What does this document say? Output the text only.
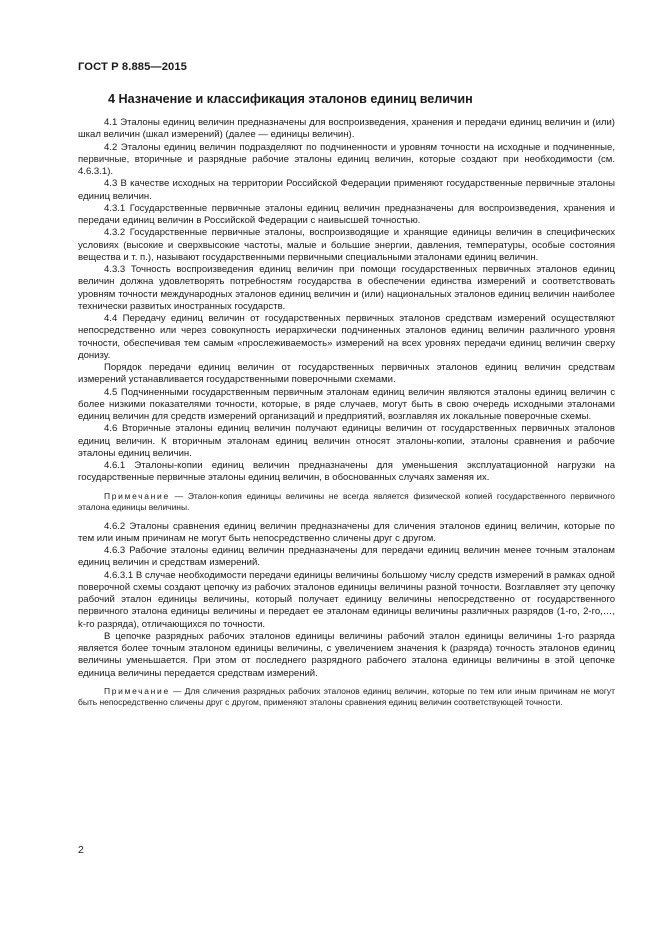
ГОСТ Р 8.885—2015
4 Назначение и классификация эталонов единиц величин

4.1 Эталоны единиц величин предназначены для воспроизведения, хранения и передачи единиц величин и (или) шкал величин (шкал измерений) (далее — единицы величин).

4.2 Эталоны единиц величин подразделяют по подчиненности и уровням точности на исходные и подчиненные, первичные, вторичные и разрядные рабочие эталоны единиц величин, которые создают при необходимости (см. 4.6.3.1).

4.3 В качестве исходных на территории Российской Федерации применяют государственные первичные эталоны единиц величин.

4.3.1 Государственные первичные эталоны единиц величин предназначены для воспроизведения, хранения и передачи единиц величин в Российской Федерации с наивысшей точностью.

4.3.2 Государственные первичные эталоны, воспроизводящие и хранящие единицы величин в специфических условиях (высокие и сверхвысокие частоты, малые и большие энергии, давления, температуры, особые состояния вещества и т. п.), называют государственными первичными специальными эталонами единиц величин.

4.3.3 Точность воспроизведения единиц величин при помощи государственных первичных эталонов единиц величин должна удовлетворять потребностям государства в обеспечении единства измерений и соответствовать уровням точности международных эталонов единиц величин и (или) национальных эталонов единиц величин наиболее технически развитых иностранных государств.

4.4 Передачу единиц величин от государственных первичных эталонов средствам измерений осуществляют непосредственно или через совокупность иерархически подчиненных эталонов единиц величин различного уровня точности, обеспечивая тем самым «прослеживаемость» измерений на всех уровнях передачи единиц величин сверху донизу.

Порядок передачи единиц величин от государственных первичных эталонов единиц величин средствам измерений устанавливается государственными поверочными схемами.

4.5 Подчиненными государственным первичным эталонам единиц величин являются эталоны единиц величин с более низкими показателями точности, которые, в ряде случаев, могут быть в свою очередь исходными эталонами единиц величин для средств измерений организаций и предприятий, возглавляя их локальные поверочные схемы.

4.6 Вторичные эталоны единиц величин получают единицы величин от государственных первичных эталонов единиц величин. К вторичным эталонам единиц величин относят эталоны-копии, эталоны сравнения и рабочие эталоны единиц величин.

4.6.1 Эталоны-копии единиц величин предназначены для уменьшения эксплуатационной нагрузки на государственные первичные эталоны единиц величин, в обоснованных случаях заменяя их.

Примечание — Эталон-копия единицы величины не всегда является физической копией государственного первичного эталона единицы величины.

4.6.2 Эталоны сравнения единиц величин предназначены для сличения эталонов единиц величин, которые по тем или иным причинам не могут быть непосредственно сличены друг с другом.

4.6.3 Рабочие эталоны единиц величин предназначены для передачи единиц величин менее точным эталонам единиц величин и средствам измерений.

4.6.3.1 В случае необходимости передачи единицы величины большому числу средств измерений в рамках одной поверочной схемы создают цепочку из рабочих эталонов единицы величины разной точности. Возглавляет эту цепочку рабочий эталон единицы величины, который получает единицу величины непосредственно от государственного первичного эталона единицы величины и передает ее эталонам единицы величины различных разрядов (1-го, 2-го,…, k-го разряда), отличающихся по точности.

В цепочке разрядных рабочих эталонов единицы величины рабочий эталон единицы величины 1-го разряда является более точным эталоном единицы величины, с увеличением значения k (разряда) точность эталонов единиц величины уменьшается. При этом от последнего разрядного рабочего эталона единицы величины в этой цепочке единица величины передается средствам измерений.

Примечание — Для сличения разрядных рабочих эталонов единиц величин, которые по тем или иным причинам не могут быть непосредственно сличены друг с другом, применяют эталоны сравнения единиц величин соответствующей точности.

2
